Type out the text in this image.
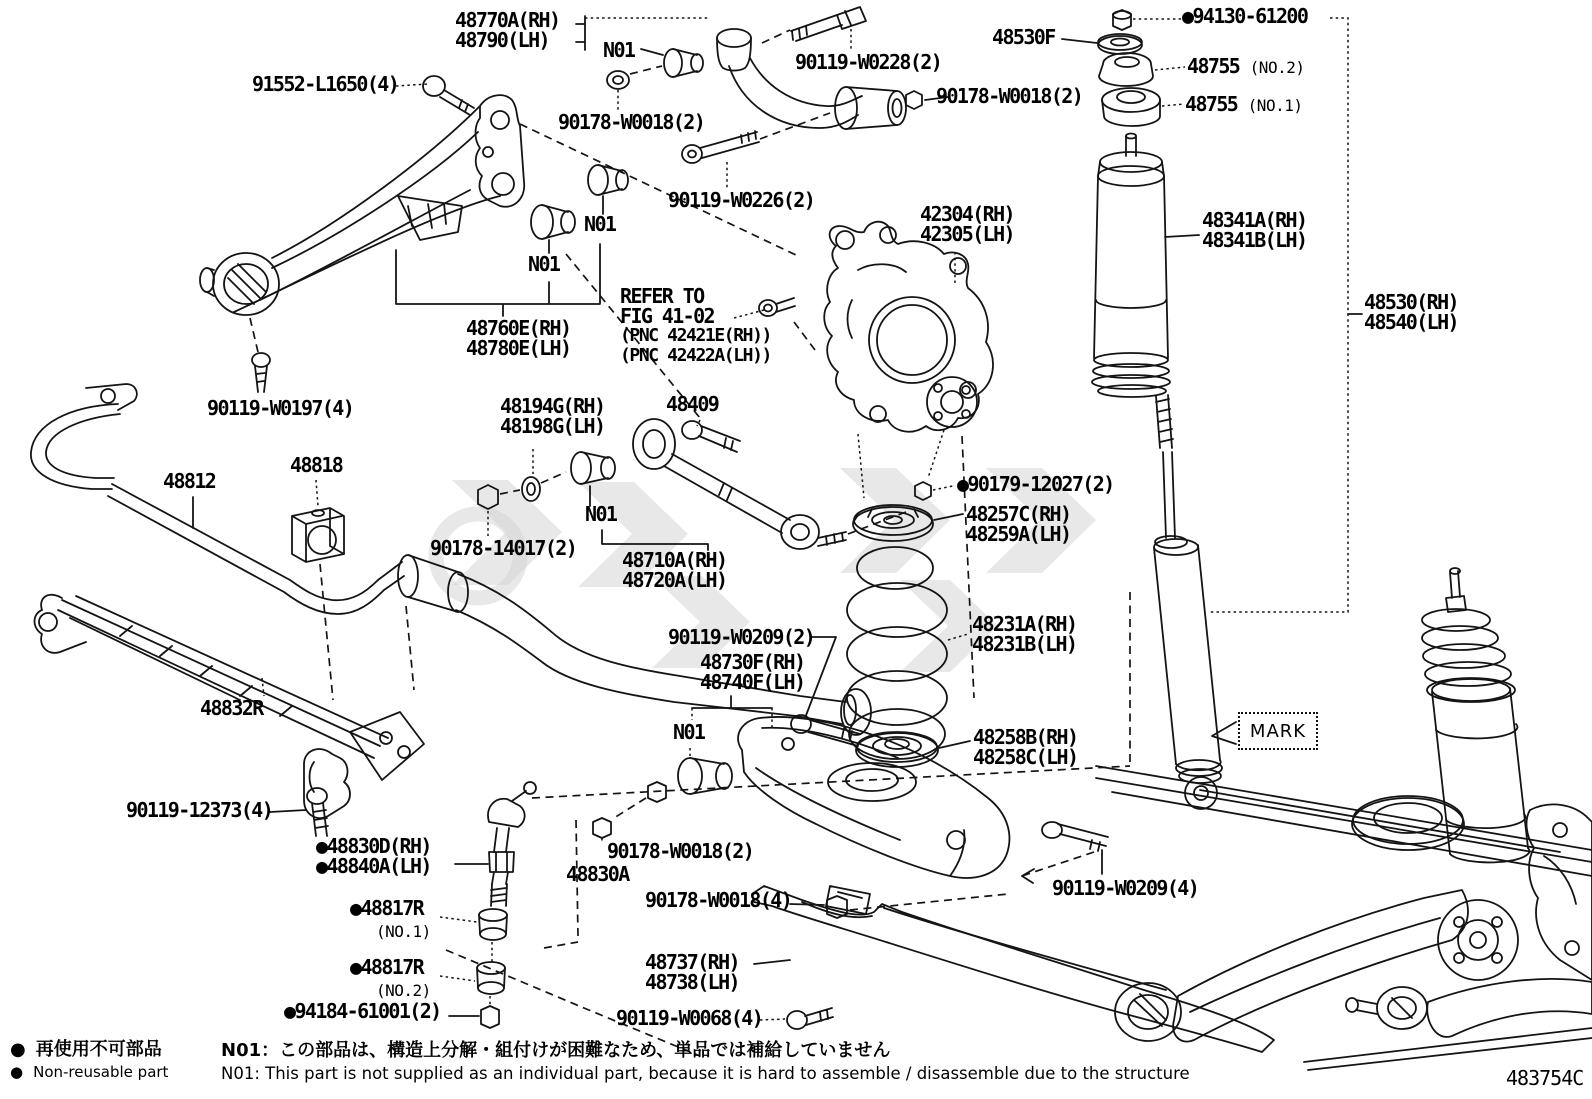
48770A(RH)
48790(LH)
90119-W0228(2)
●94130-61200
48530F
48755 (NO.2)
48755 (NO.1)
91552-L1650(4)
N01
90178-W0018(2)
90178-W0018(2)
90119-W0226(2)
42304(RH)
42305(LH)
48341A(RH)
48341B(LH)
48530(RH)
48540(LH)
N01
N01
REFER TO
FIG 41-02
(PNC 42421E(RH))
(PNC 42422A(LH))
48760E(RH)
48780E(LH)
90119-W0197(4)	48194G(RH)
48198G(LH)
48409
48812
48818
90178-14017(2)
N01
48710A(RH)
48720A(LH)
●90179-12027(2)
48257C(RH)
48259A(LH)
48231A(RH)
48231B(LH)
90119-W0209(2)
48730F(RH)
48740F(LH)
N01	48258B(RH)
48258C(LH)
48832R
90119-12373(4)
●48830D(RH)
●48840A(LH)
●48817R
(NO.1)
●48817R
(NO.2)
●94184-61001(2)
90178-W0018(2)
48830A
90178-W0018(4)
48737(RH)
48738(LH)
90119-W0068(4)
90119-W0209(4)
MARK
483754C
● 再使用不可部品
● Non-reusable part
N01：この部品は、構造上分解・組付けが困難なため、単品では補給していません
N01: This part is not supplied as an individual part, because it is hard to assemble / disassemble due to the structure
